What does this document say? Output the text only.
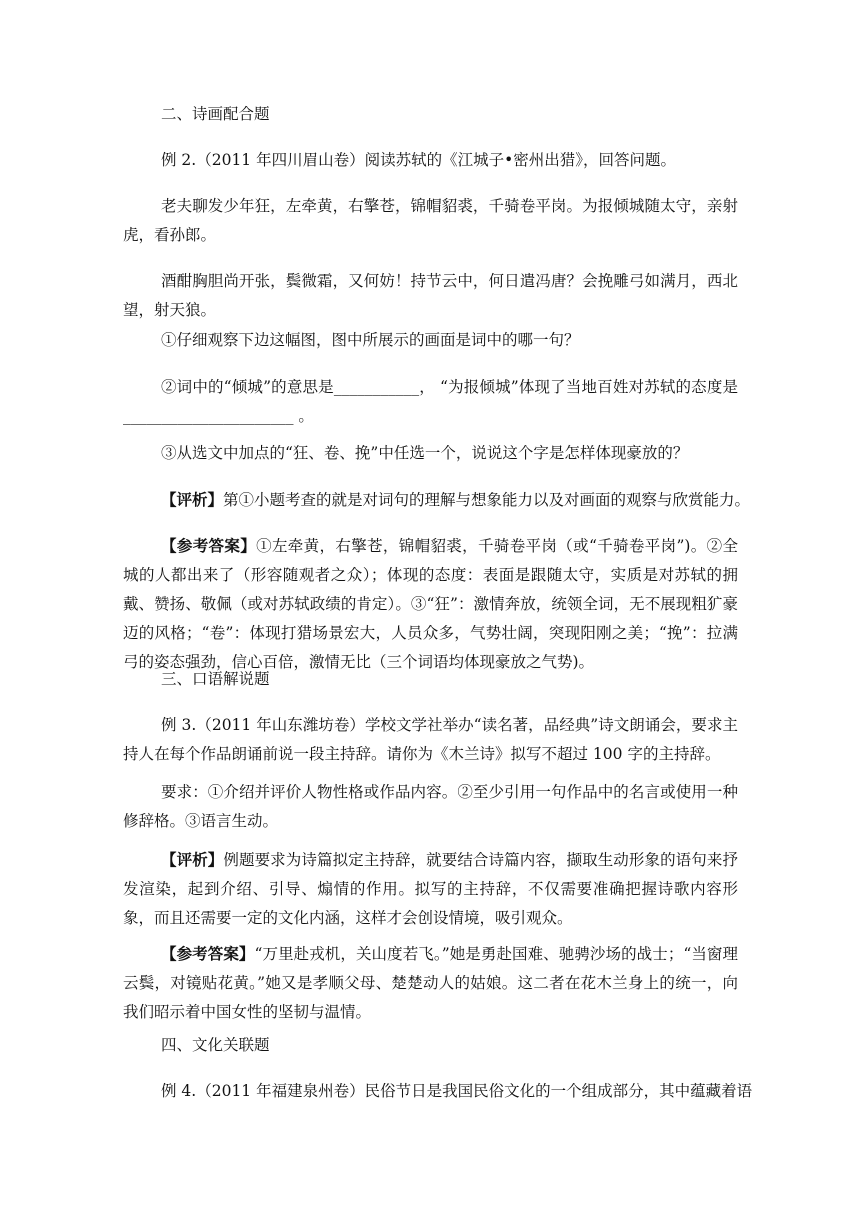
二、诗画配合题
例 2.（2011 年四川眉山卷）阅读苏轼的《江城子•密州出猎》，回答问题。
老夫聊发少年狂，左牵黄，右擎苍，锦帽貂裘，千骑卷平岗。为报倾城随太守，亲射虎，看孙郎。
酒酣胸胆尚开张，鬓微霜，又何妨！持节云中，何日遣冯唐？会挽雕弓如满月，西北望，射天狼。
①仔细观察下边这幅图，图中所展示的画面是词中的哪一句？
②词中的“倾城”的意思是___________， “为报倾城”体现了当地百姓对苏轼的态度是______________________ 。
③从选文中加点的“狂、卷、挽”中任选一个，说说这个字是怎样体现豪放的？
【评析】第①小题考查的就是对词句的理解与想象能力以及对画面的观察与欣赏能力。
【参考答案】①左牵黄，右擎苍，锦帽貂裘，千骑卷平岗（或“千骑卷平岗”)。②全城的人都出来了（形容随观者之众）；体现的态度：表面是跟随太守，实质是对苏轼的拥戴、赞扬、敬佩（或对苏轼政绩的肯定）。③“狂”：激情奔放，统领全词，无不展现粗犷豪迈的风格；“卷”：体现打猎场景宏大，人员众多，气势壮阔，突现阳刚之美；“挽”：拉满弓的姿态强劲，信心百倍，激情无比（三个词语均体现豪放之气势)。
三、口语解说题
例 3.（2011 年山东潍坊卷）学校文学社举办“读名著，品经典”诗文朗诵会，要求主持人在每个作品朗诵前说一段主持辞。请你为《木兰诗》拟写不超过 100 字的主持辞。
要求：①介绍并评价人物性格或作品内容。②至少引用一句作品中的名言或使用一种修辞格。③语言生动。
【评析】例题要求为诗篇拟定主持辞，就要结合诗篇内容，撷取生动形象的语句来抒发渲染，起到介绍、引导、煽情的作用。拟写的主持辞，不仅需要准确把握诗歌内容形象，而且还需要一定的文化内涵，这样才会创设情境，吸引观众。
【参考答案】“万里赴戎机，关山度若飞。”她是勇赴国难、驰骋沙场的战士；“当窗理云鬓，对镜贴花黄。”她又是孝顺父母、楚楚动人的姑娘。这二者在花木兰身上的统一，向我们昭示着中国女性的坚韧与温情。
四、文化关联题
例 4.（2011 年福建泉州卷）民俗节日是我国民俗文化的一个组成部分，其中蕴藏着语
